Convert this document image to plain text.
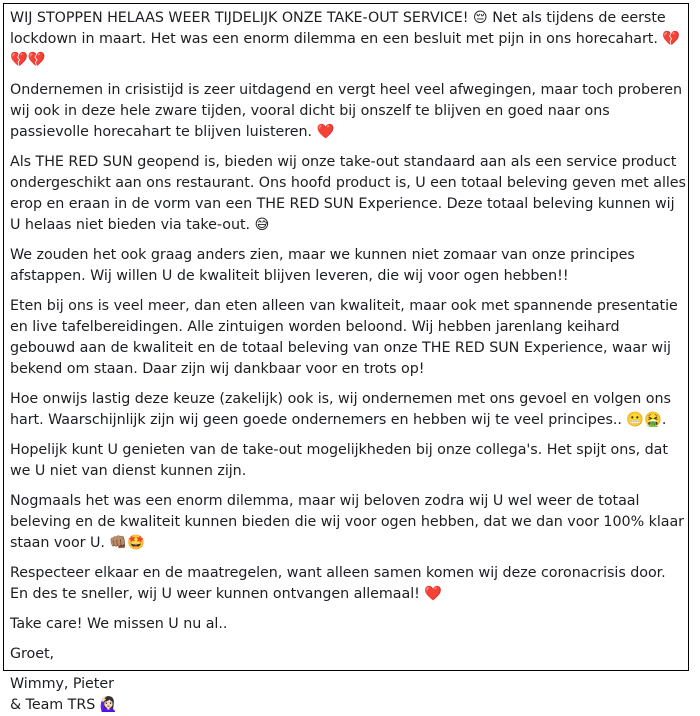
WIJ STOPPEN HELAAS WEER TIJDELIJK ONZE TAKE-OUT SERVICE! 😔 Net als tijdens de eerste lockdown in maart. Het was een enorm dilemma en een besluit met pijn in ons horecahart. 💔💔💔

Ondernemen in crisistijd is zeer uitdagend en vergt heel veel afwegingen, maar toch proberen wij ook in deze hele zware tijden, vooral dicht bij onszelf te blijven en goed naar ons passievolle horecahart te blijven luisteren. ❤️

Als THE RED SUN geopend is, bieden wij onze take-out standaard aan als een service product ondergeschikt aan ons restaurant. Ons hoofd product is, U een totaal beleving geven met alles erop en eraan in de vorm van een THE RED SUN Experience. Deze totaal beleving kunnen wij U helaas niet bieden via take-out. 😅

We zouden het ook graag anders zien, maar we kunnen niet zomaar van onze principes afstappen. Wij willen U de kwaliteit blijven leveren, die wij voor ogen hebben!!

Eten bij ons is veel meer, dan eten alleen van kwaliteit, maar ook met spannende presentatie en live tafelbereidingen. Alle zintuigen worden beloond. Wij hebben jarenlang keihard gebouwd aan de kwaliteit en de totaal beleving van onze THE RED SUN Experience, waar wij bekend om staan. Daar zijn wij dankbaar voor en trots op!

Hoe onwijs lastig deze keuze (zakelijk) ook is, wij ondernemen met ons gevoel en volgen ons hart. Waarschijnlijk zijn wij geen goede ondernemers en hebben wij te veel principes.. 😬🤮.

Hopelijk kunt U genieten van de take-out mogelijkheden bij onze collega's. Het spijt ons, dat we U niet van dienst kunnen zijn.

Nogmaals het was een enorm dilemma, maar wij beloven zodra wij U wel weer de totaal beleving en de kwaliteit kunnen bieden die wij voor ogen hebben, dat we dan voor 100% klaar staan voor U. 👊🏽🤩

Respecteer elkaar en de maatregelen, want alleen samen komen wij deze coronacrisis door. En des te sneller, wij U weer kunnen ontvangen allemaal! ❤️

Take care! We missen U nu al..

Groet,

Wimmy, Pieter
& Team TRS 🙋🏻‍♀️
